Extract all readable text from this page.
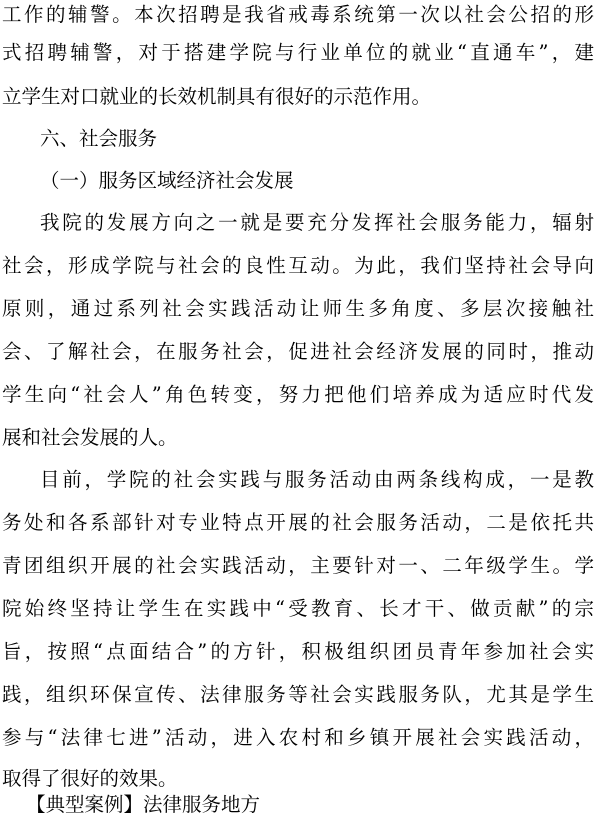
工作的辅警。本次招聘是我省戒毒系统第一次以社会公招的形
式招聘辅警，对于搭建学院与行业单位的就业“直通车”，建
立学生对口就业的长效机制具有很好的示范作用。
六、社会服务
（一）服务区域经济社会发展
我院的发展方向之一就是要充分发挥社会服务能力，辐射
社会，形成学院与社会的良性互动。为此，我们坚持社会导向
原则，通过系列社会实践活动让师生多角度、多层次接触社
会、了解社会，在服务社会，促进社会经济发展的同时，推动
学生向“社会人”角色转变，努力把他们培养成为适应时代发
展和社会发展的人。
目前，学院的社会实践与服务活动由两条线构成，一是教
务处和各系部针对专业特点开展的社会服务活动，二是依托共
青团组织开展的社会实践活动，主要针对一、二年级学生。学
院始终坚持让学生在实践中“受教育、长才干、做贡献”的宗
旨，按照“点面结合”的方针，积极组织团员青年参加社会实
践，组织环保宣传、法律服务等社会实践服务队，尤其是学生
参与“法律七进”活动，进入农村和乡镇开展社会实践活动，
取得了很好的效果。
【典型案例】法律服务地方
